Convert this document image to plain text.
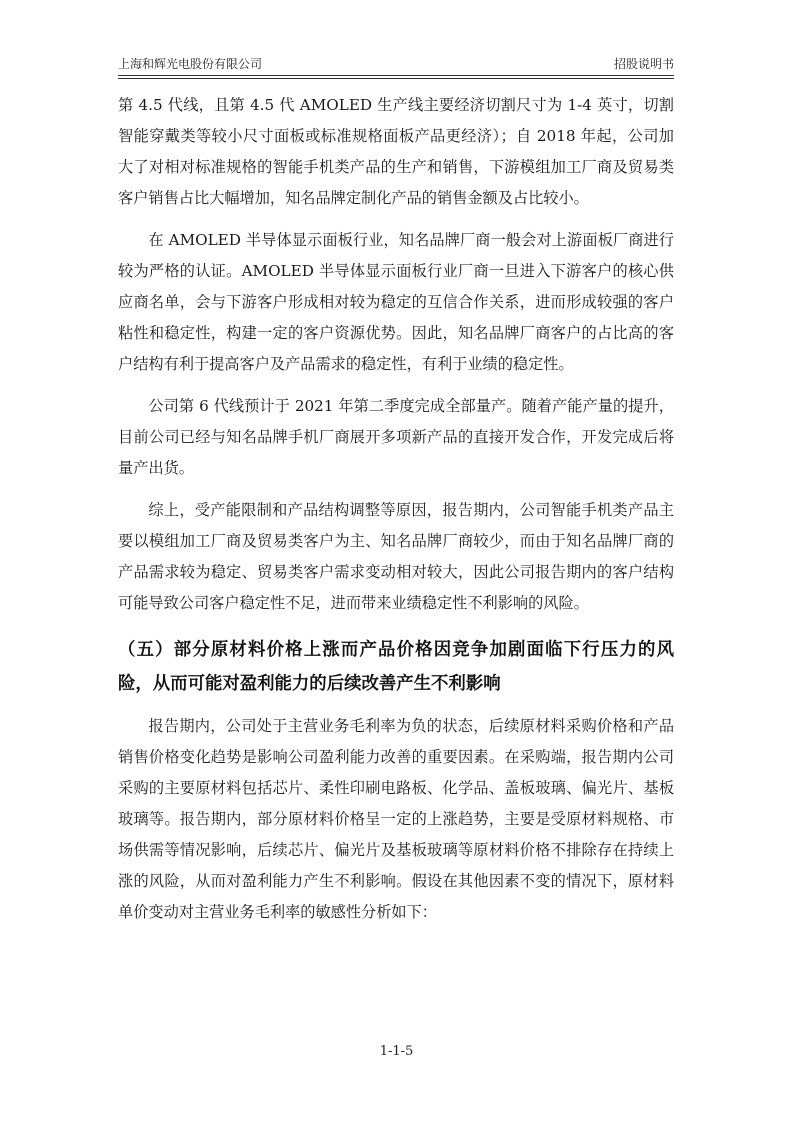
上海和辉光电股份有限公司	招股说明书

第 4.5 代线，且第 4.5 代 AMOLED 生产线主要经济切割尺寸为 1-4 英寸，切割智能穿戴类等较小尺寸面板或标准规格面板产品更经济）；自 2018 年起，公司加大了对相对标准规格的智能手机类产品的生产和销售，下游模组加工厂商及贸易类客户销售占比大幅增加，知名品牌定制化产品的销售金额及占比较小。

在 AMOLED 半导体显示面板行业，知名品牌厂商一般会对上游面板厂商进行较为严格的认证。AMOLED 半导体显示面板行业厂商一旦进入下游客户的核心供应商名单，会与下游客户形成相对较为稳定的互信合作关系，进而形成较强的客户粘性和稳定性，构建一定的客户资源优势。因此，知名品牌厂商客户的占比高的客户结构有利于提高客户及产品需求的稳定性，有利于业绩的稳定性。

公司第 6 代线预计于 2021 年第二季度完成全部量产。随着产能产量的提升，目前公司已经与知名品牌手机厂商展开多项新产品的直接开发合作，开发完成后将量产出货。

综上，受产能限制和产品结构调整等原因，报告期内，公司智能手机类产品主要以模组加工厂商及贸易类客户为主、知名品牌厂商较少，而由于知名品牌厂商的产品需求较为稳定、贸易类客户需求变动相对较大，因此公司报告期内的客户结构可能导致公司客户稳定性不足，进而带来业绩稳定性不利影响的风险。

（五）部分原材料价格上涨而产品价格因竞争加剧面临下行压力的风险，从而可能对盈利能力的后续改善产生不利影响

报告期内，公司处于主营业务毛利率为负的状态，后续原材料采购价格和产品销售价格变化趋势是影响公司盈利能力改善的重要因素。在采购端，报告期内公司采购的主要原材料包括芯片、柔性印刷电路板、化学品、盖板玻璃、偏光片、基板玻璃等。报告期内，部分原材料价格呈一定的上涨趋势，主要是受原材料规格、市场供需等情况影响，后续芯片、偏光片及基板玻璃等原材料价格不排除存在持续上涨的风险，从而对盈利能力产生不利影响。假设在其他因素不变的情况下，原材料单价变动对主营业务毛利率的敏感性分析如下：

1-1-5
